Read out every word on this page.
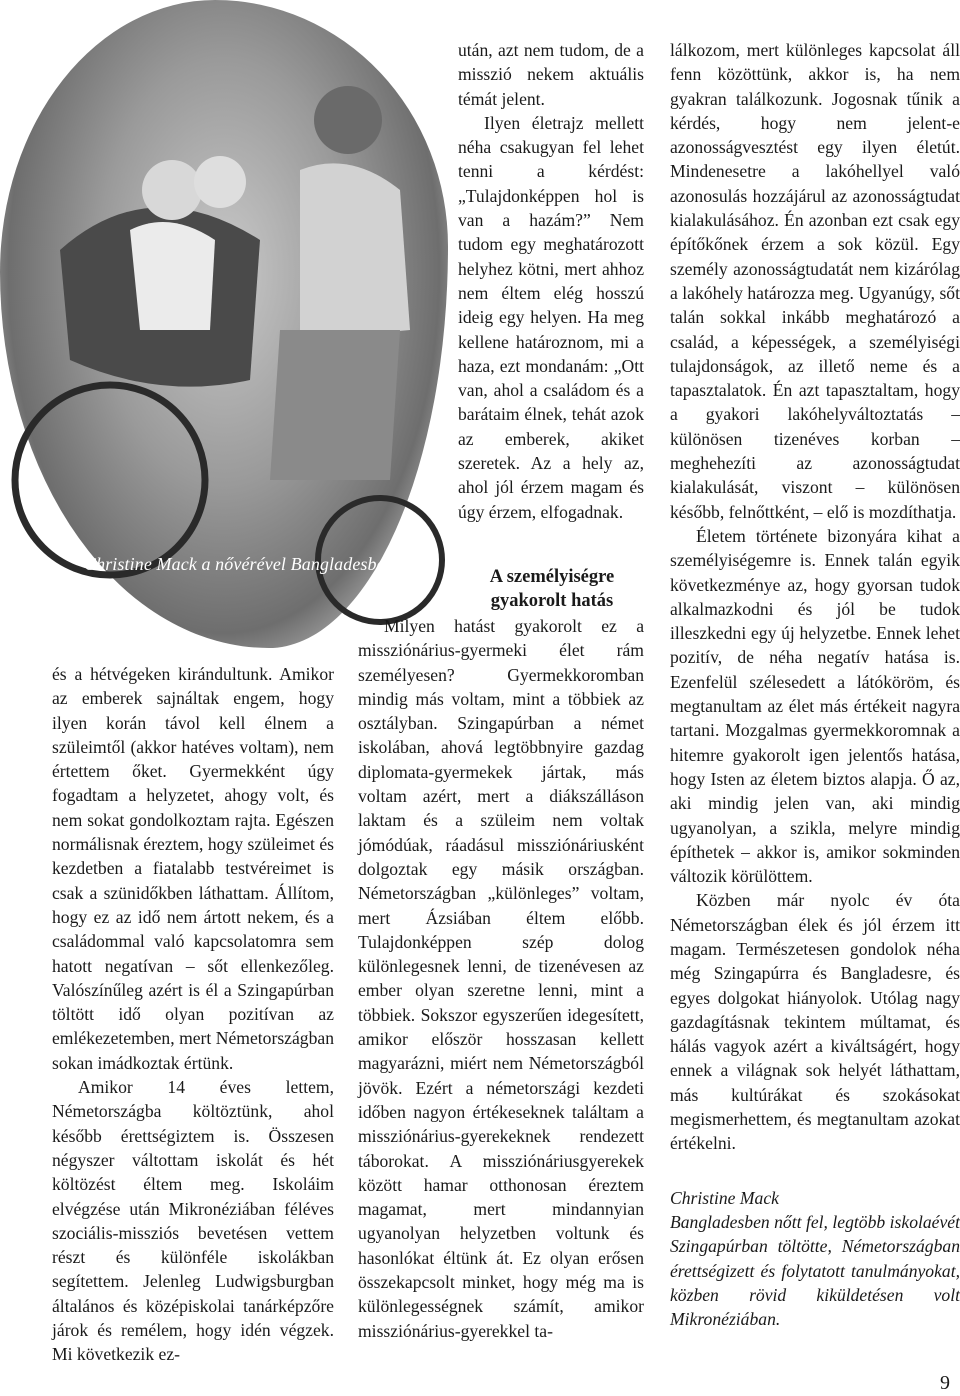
Christine Mack a nővérével Bangladesben

és a hétvégeken kirándultunk. Amikor az emberek sajnáltak engem, hogy ilyen korán távol kell élnem a szüleimtől (akkor hatéves voltam), nem értettem őket. Gyermekként úgy fogadtam a helyzetet, ahogy volt, és nem sokat gondolkoztam rajta. Egészen normálisnak éreztem, hogy szüleimet és kezdetben a fiatalabb testvéreimet is csak a szünidőkben láthattam. Állítom, hogy ez az idő nem ártott nekem, és a családommal való kapcsolatomra sem hatott negatívan – sőt ellenkezőleg. Valószínűleg azért is él a Szingapúrban töltött idő olyan pozitívan az emlékezetemben, mert Németországban sokan imádkoztak értünk.

Amikor 14 éves lettem, Németországba költöztünk, ahol később érettségiztem is. Összesen négyszer váltottam iskolát és hét költözést éltem meg. Iskoláim elvégzése után Mikronéziában féléves szociális-missziós bevetésen vettem részt és különféle iskolákban segítettem. Jelenleg Ludwigsburgban általános és középiskolai tanárképzőre járok és remélem, hogy idén végzek. Mi következik ez-

után, azt nem tudom, de a misszió nekem aktuális témát jelent.

Ilyen életrajz mellett néha csakugyan fel lehet tenni a kérdést: „Tulajdonképpen hol is van a hazám?” Nem tudom egy meghatározott helyhez kötni, mert ahhoz nem éltem elég hosszú ideig egy helyen. Ha meg kellene határoznom, mi a haza, ezt mondanám: „Ott van, ahol a családom és a barátaim élnek, tehát azok az emberek, akiket szeretek. Az a hely az, ahol jól érzem magam és úgy érzem, elfogadnak.

A személyiségre gyakorolt hatás

Milyen hatást gyakorolt ez a missziónárius-gyermeki élet rám személyesen? Gyermekkoromban mindig más voltam, mint a többiek az osztályban. Szingapúrban a német iskolában, ahová legtöbbnyire gazdag diplomata-gyermekek jártak, más voltam azért, mert a diákszálláson laktam és a szüleim nem voltak jómódúak, ráadásul missziónáriusként dolgoztak egy másik országban. Németországban „különleges” voltam, mert Ázsiában éltem előbb. Tulajdonképpen szép dolog különlegesnek lenni, de tizenévesen az ember olyan szeretne lenni, mint a többiek. Sokszor egyszerűen idegesített, amikor először hosszasan kellett magyarázni, miért nem Németországból jövök. Ezért a németországi kezdeti időben nagyon értékeseknek találtam a missziónárius-gyerekeknek rendezett táborokat. A missziónáriusgyerekek között hamar otthonosan éreztem magamat, mert mindannyian ugyanolyan helyzetben voltunk és hasonlókat éltünk át. Ez olyan erősen összekapcsolt minket, hogy még ma is különlegességnek számít, amikor missziónárius-gyerekkel ta-

lálkozom, mert különleges kapcsolat áll fenn közöttünk, akkor is, ha nem gyakran találkozunk. Jogosnak tűnik a kérdés, hogy nem jelent-e azonosságvesztést egy ilyen életút. Mindenesetre a lakóhellyel való azonosulás hozzájárul az azonosságtudat kialakulásához. Én azonban ezt csak egy építőkőnek érzem a sok közül. Egy személy azonosságtudatát nem kizárólag a lakóhely határozza meg. Ugyanúgy, sőt talán sokkal inkább meghatározó a család, a képességek, a személyiségi tulajdonságok, az illető neme és a tapasztalatok. Én azt tapasztaltam, hogy a gyakori lakóhelyváltoztatás – különösen tizenéves korban – meghehezíti az azonosságtudat kialakulását, viszont – különösen később, felnőttként, – elő is mozdíthatja.

Életem története bizonyára kihat a személyiségemre is. Ennek talán egyik következménye az, hogy gyorsan tudok alkalmazkodni és jól be tudok illeszkedni egy új helyzetbe. Ennek lehet pozitív, de néha negatív hatása is. Ezenfelül szélesedett a látóköröm, és megtanultam az élet más értékeit nagyra tartani. Mozgalmas gyermekkoromnak a hitemre gyakorolt igen jelentős hatása, hogy Isten az életem biztos alapja. Ő az, aki mindig jelen van, aki mindig ugyanolyan, a szikla, melyre mindig építhetek – akkor is, amikor sokminden változik körülöttem.

Közben már nyolc év óta Németországban élek és jól érzem itt magam. Természetesen gondolok néha még Szingapúrra és Bangladesre, és egyes dolgokat hiányolok. Utólag nagy gazdagításnak tekintem múltamat, és hálás vagyok azért a kiváltságért, hogy ennek a világnak sok helyét láthattam, más kultúrákat és szokásokat megismerhettem, és megtanultam azokat értékelni.

Christine Mack

Bangladesben nőtt fel, legtöbb iskolaévét Szingapúrban töltötte, Németországban érettségizett és folytatott tanulmányokat, közben rövid kiküldetésen volt Mikronéziában.

9
